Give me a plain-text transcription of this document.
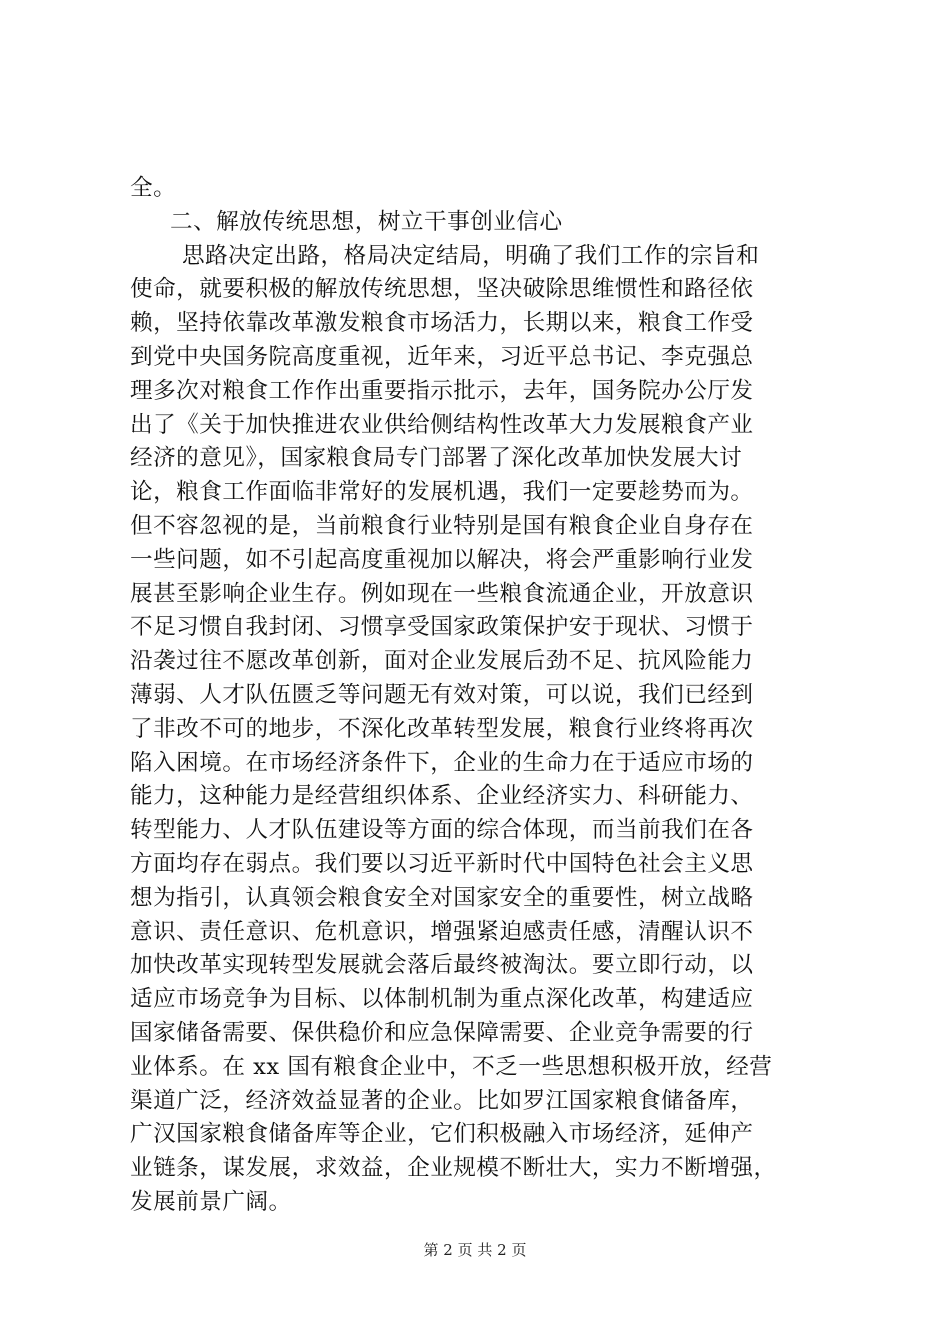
全。
二、解放传统思想，树立干事创业信心
思路决定出路，格局决定结局，明确了我们工作的宗旨和
使命，就要积极的解放传统思想，坚决破除思维惯性和路径依
赖，坚持依靠改革激发粮食市场活力，长期以来，粮食工作受
到党中央国务院高度重视，近年来，习近平总书记、李克强总
理多次对粮食工作作出重要指示批示，去年，国务院办公厅发
出了《关于加快推进农业供给侧结构性改革大力发展粮食产业
经济的意见》，国家粮食局专门部署了深化改革加快发展大讨
论，粮食工作面临非常好的发展机遇，我们一定要趁势而为。
但不容忽视的是，当前粮食行业特别是国有粮食企业自身存在
一些问题，如不引起高度重视加以解决，将会严重影响行业发
展甚至影响企业生存。例如现在一些粮食流通企业，开放意识
不足习惯自我封闭、习惯享受国家政策保护安于现状、习惯于
沿袭过往不愿改革创新，面对企业发展后劲不足、抗风险能力
薄弱、人才队伍匮乏等问题无有效对策，可以说，我们已经到
了非改不可的地步，不深化改革转型发展，粮食行业终将再次
陷入困境。在市场经济条件下，企业的生命力在于适应市场的
能力，这种能力是经营组织体系、企业经济实力、科研能力、
转型能力、人才队伍建设等方面的综合体现，而当前我们在各
方面均存在弱点。我们要以习近平新时代中国特色社会主义思
想为指引，认真领会粮食安全对国家安全的重要性，树立战略
意识、责任意识、危机意识，增强紧迫感责任感，清醒认识不
加快改革实现转型发展就会落后最终被淘汰。要立即行动，以
适应市场竞争为目标、以体制机制为重点深化改革，构建适应
国家储备需要、保供稳价和应急保障需要、企业竞争需要的行
业体系。在 xx 国有粮食企业中，不乏一些思想积极开放，经营
渠道广泛，经济效益显著的企业。比如罗江国家粮食储备库，
广汉国家粮食储备库等企业，它们积极融入市场经济，延伸产
业链条，谋发展，求效益，企业规模不断壮大，实力不断增强，
发展前景广阔。
第 2 页 共 2 页
